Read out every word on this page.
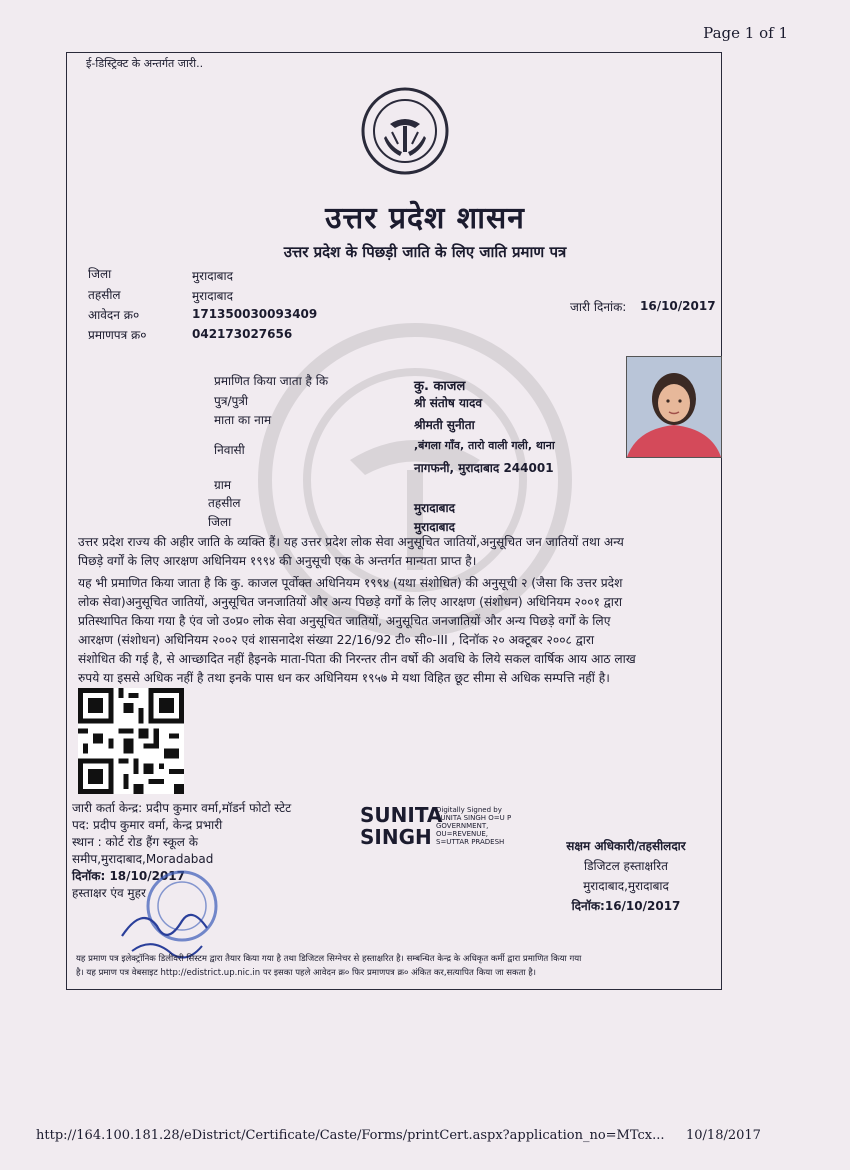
Page 1 of 1
ई-डिस्ट्रिक्ट के अन्तर्गत जारी..
उत्तर प्रदेश शासन
उत्तर प्रदेश के पिछड़ी जाति के लिए जाति प्रमाण पत्र
जिला	मुरादाबाद
तहसील	मुरादाबाद
आवेदन क्र०	171350030093409
प्रमाणपत्र क्र०	042173027656
जारी दिनांक: 16/10/2017
प्रमाणित किया जाता है कि	कु. काजल
पुत्र/पुत्री	श्री संतोष यादव
माता का नाम	श्रीमती सुनीता
निवासी	,बंगला गाँव, तारो वाली गली, थाना
नागफनी, मुरादाबाद 244001
ग्राम
तहसील	मुरादाबाद
जिला	मुरादाबाद
उत्तर प्रदेश राज्य की अहीर जाति के व्यक्ति हैं। यह उत्तर प्रदेश लोक सेवा अनुसूचित जातियों,अनुसूचित जन जातियों तथा अन्य
पिछड़े वर्गों के लिए आरक्षण अधिनियम १९९४ की अनुसूची एक के अन्तर्गत मान्यता प्राप्त है।
यह भी प्रमाणित किया जाता है कि कु. काजल पूर्वोक्त अधिनियम १९९४ (यथा संशोधित) की अनुसूची २ (जैसा कि उत्तर प्रदेश
लोक सेवा)अनुसूचित जातियों, अनुसूचित जनजातियों और अन्य पिछड़े वर्गों के लिए आरक्षण (संशोधन) अधिनियम २००१ द्वारा
प्रतिस्थापित किया गया है एंव जो उ०प्र० लोक सेवा अनुसूचित जातियों, अनुसूचित जनजातियों और अन्य पिछड़े वर्गों के लिए
आरक्षण (संशोधन) अधिनियम २००२ एवं शासनादेश संख्या 22/16/92 टी० सी०-III , दिनॉक २० अक्टूबर २००८ द्वारा
संशोधित की गई है, से आच्छादित नहीं हैइनके माता-पिता की निरन्तर तीन वर्षो की अवधि के लिये सकल वार्षिक आय आठ लाख
रुपये या इससे अधिक नहीं है तथा इनके पास धन कर अधिनियम १९५७ मे यथा विहित छूट सीमा से अधिक सम्पत्ति नहीं है।
जारी कर्ता केन्द्र: प्रदीप कुमार वर्मा,मॉडर्न फोटो स्टेट
पद: प्रदीप कुमार वर्मा, केन्द्र प्रभारी
स्थान : कोर्ट रोड हैंग स्कूल के
समीप,मुरादाबाद,Moradabad
दिनॉक: 18/10/2017
हस्ताक्षर एंव मुहर
SUNITA
SINGH
Digitally Signed by
SUNITA SINGH O=U P
GOVERNMENT,
OU=REVENUE,
S=UTTAR PRADESH	सक्षम अधिकारी/तहसीलदार
डिजिटल हस्ताक्षरित
मुरादाबाद,मुरादाबाद
दिनॉक:16/10/2017
यह प्रमाण पत्र इलेक्ट्रॉनिक डिलीवरी सिस्टम द्वारा तैयार किया गया है तथा डिजिटल सिग्नेचर से हस्ताक्षरित है। सम्बन्धित केन्द्र के अधिकृत कर्मी द्वारा प्रमाणित किया गया
है। यह प्रमाण पत्र वेबसाइट http://edistrict.up.nic.in पर इसका पहले आवेदन क्र० फिर प्रमाणपत्र क्र० अंकित कर,सत्यापित किया जा सकता है।
http://164.100.181.28/eDistrict/Certificate/Caste/Forms/printCert.aspx?application_no=MTcx... 10/18/2017
